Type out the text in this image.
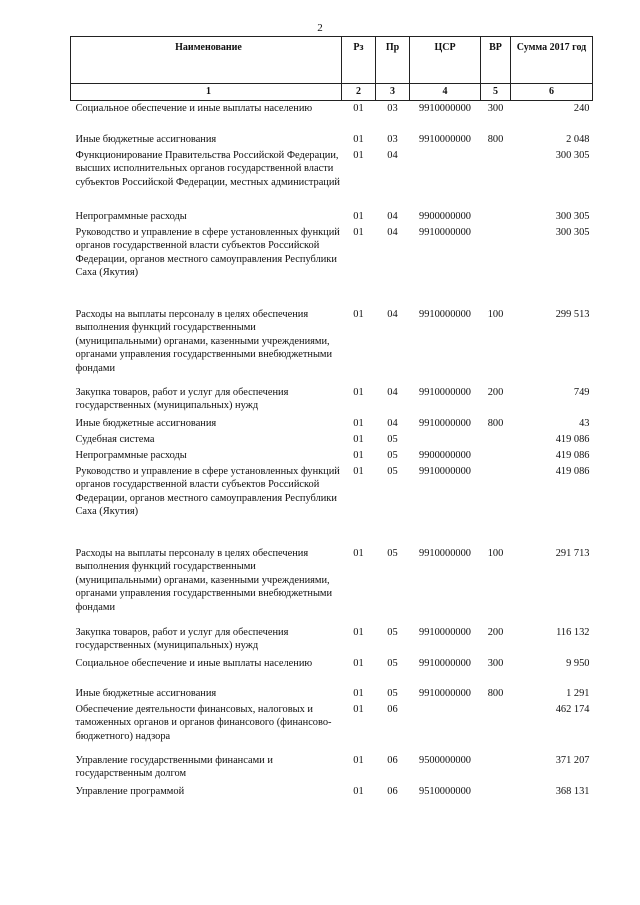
2
Наименование	Рз	Пр	ЦСР	ВР	Сумма 2017 год
1	2	3	4	5	6
Социальное обеспечение и иные выплаты населению	01	03	9910000000	300	240
Иные бюджетные ассигнования	01	03	9910000000	800	2 048
Функционирование Правительства Российской Федерации, высших исполнительных органов государственной власти субъектов Российской Федерации, местных администраций	01	04			300 305
Непрограммные расходы	01	04	9900000000		300 305
Руководство и управление в сфере установленных функций органов государственной власти субъектов Российской Федерации, органов местного самоуправления Республики Саха (Якутия)	01	04	9910000000		300 305
Расходы на выплаты персоналу в целях обеспечения выполнения функций государственными (муниципальными) органами, казенными учреждениями, органами управления государственными внебюджетными фондами	01	04	9910000000	100	299 513
Закупка товаров, работ и услуг для обеспечения государственных (муниципальных) нужд	01	04	9910000000	200	749
Иные бюджетные ассигнования	01	04	9910000000	800	43
Судебная система	01	05			419 086
Непрограммные расходы	01	05	9900000000		419 086
Руководство и управление в сфере установленных функций органов государственной власти субъектов Российской Федерации, органов местного самоуправления Республики Саха (Якутия)	01	05	9910000000		419 086
Расходы на выплаты персоналу в целях обеспечения выполнения функций государственными (муниципальными) органами, казенными учреждениями, органами управления государственными внебюджетными фондами	01	05	9910000000	100	291 713
Закупка товаров, работ и услуг для обеспечения государственных (муниципальных) нужд	01	05	9910000000	200	116 132
Социальное обеспечение и иные выплаты населению	01	05	9910000000	300	9 950
Иные бюджетные ассигнования	01	05	9910000000	800	1 291
Обеспечение деятельности финансовых, налоговых и таможенных органов и органов финансового (финансово-бюджетного) надзора	01	06			462 174
Управление государственными финансами и государственным долгом	01	06	9500000000		371 207
Управление программой	01	06	9510000000		368 131
